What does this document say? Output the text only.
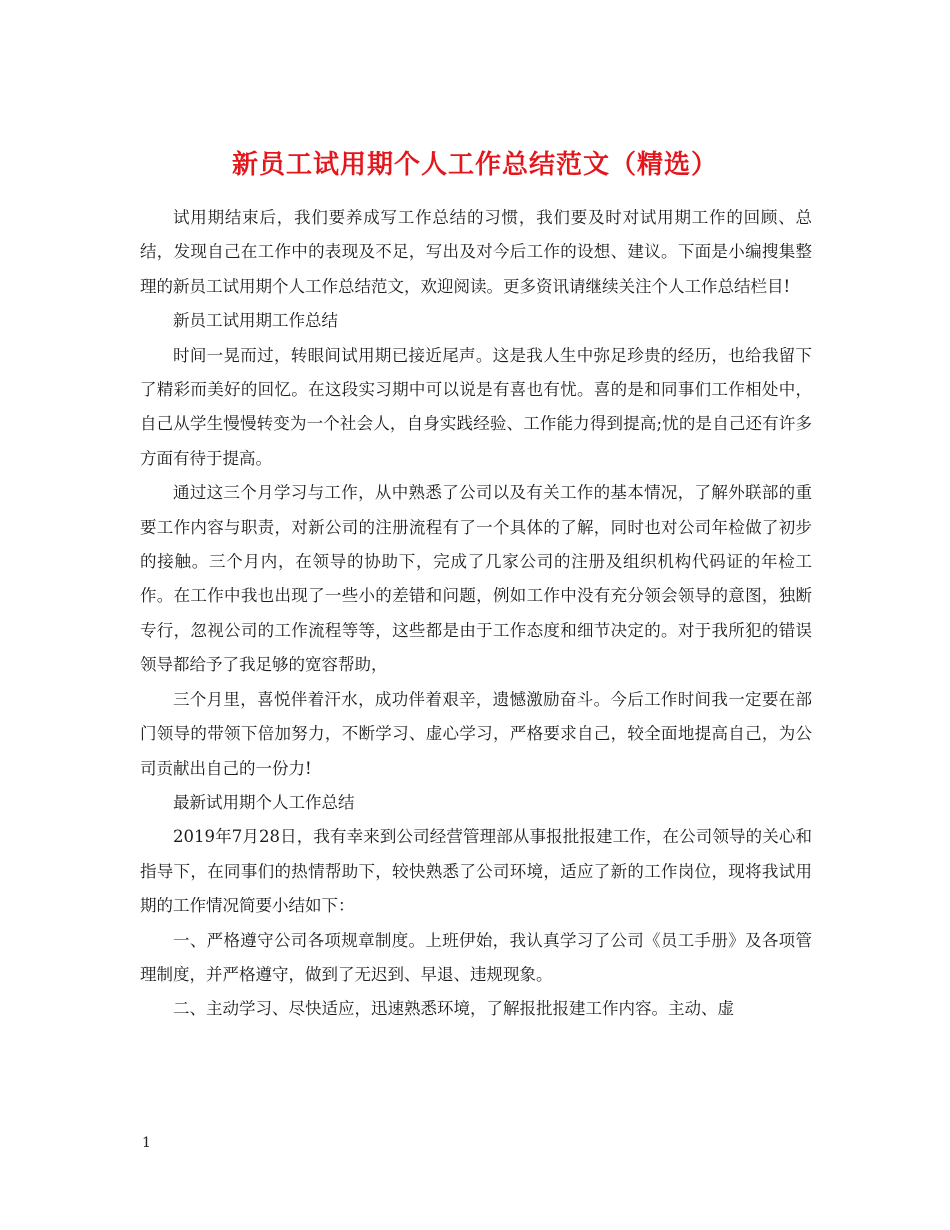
新员工试用期个人工作总结范文（精选）

试用期结束后，我们要养成写工作总结的习惯，我们要及时对试用期工作的回顾、总结，发现自己在工作中的表现及不足，写出及对今后工作的设想、建议。下面是小编搜集整理的新员工试用期个人工作总结范文，欢迎阅读。更多资讯请继续关注个人工作总结栏目!

新员工试用期工作总结

时间一晃而过，转眼间试用期已接近尾声。这是我人生中弥足珍贵的经历，也给我留下了精彩而美好的回忆。在这段实习期中可以说是有喜也有忧。喜的是和同事们工作相处中，自己从学生慢慢转变为一个社会人，自身实践经验、工作能力得到提高;忧的是自己还有许多方面有待于提高。

通过这三个月学习与工作，从中熟悉了公司以及有关工作的基本情况，了解外联部的重要工作内容与职责，对新公司的注册流程有了一个具体的了解，同时也对公司年检做了初步的接触。三个月内，在领导的协助下，完成了几家公司的注册及组织机构代码证的年检工作。在工作中我也出现了一些小的差错和问题，例如工作中没有充分领会领导的意图，独断专行，忽视公司的工作流程等等，这些都是由于工作态度和细节决定的。对于我所犯的错误领导都给予了我足够的宽容帮助，

三个月里，喜悦伴着汗水，成功伴着艰辛，遗憾激励奋斗。今后工作时间我一定要在部门领导的带领下倍加努力，不断学习、虚心学习，严格要求自己，较全面地提高自己，为公司贡献出自己的一份力!

最新试用期个人工作总结

2019年7月28日，我有幸来到公司经营管理部从事报批报建工作，在公司领导的关心和指导下，在同事们的热情帮助下，较快熟悉了公司环境，适应了新的工作岗位，现将我试用期的工作情况简要小结如下：

一、严格遵守公司各项规章制度。上班伊始，我认真学习了公司《员工手册》及各项管理制度，并严格遵守，做到了无迟到、早退、违规现象。

二、主动学习、尽快适应，迅速熟悉环境，了解报批报建工作内容。主动、虚

1
